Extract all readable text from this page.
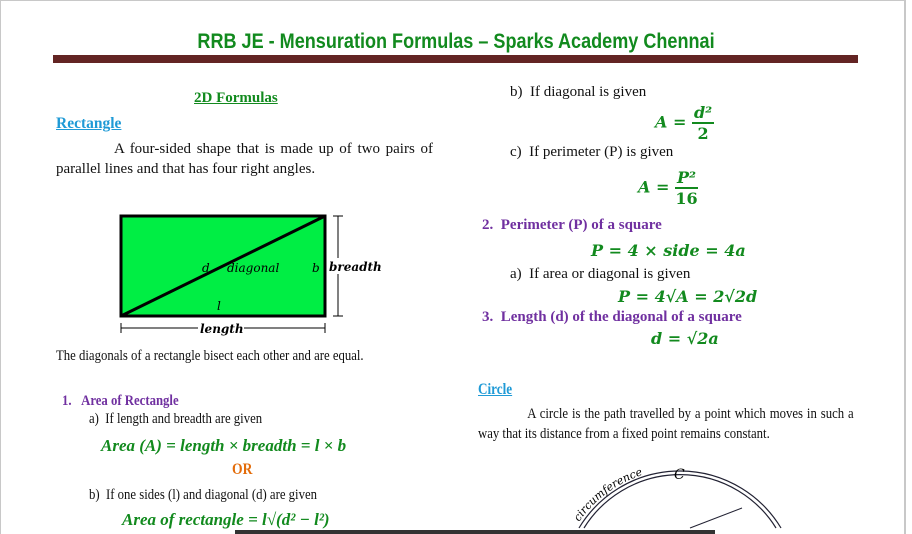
RRB JE - Mensuration Formulas – Sparks Academy Chennai
2D Formulas
Rectangle
A four-sided shape that is made up of two pairs of parallel lines and that has four right angles.
d diagonal	b breadth
l
length
The diagonals of a rectangle bisect each other and are equal.
1. Area of Rectangle
a) If length and breadth are given
Area (A) = length × breadth = l × b
OR
b) If one sides (l) and diagonal (d) are given
Area of rectangle = l√(d² − l²)
b) If diagonal is given
$A = \frac{\text{d²}}{2}$
c) If perimeter (P) is given
$A = \frac{\text{P²}}{16}$
2. Perimeter (P) of a square
P = 4 × side = 4a
a) If area or diagonal is given
P = 4√A = 2√2d
3. Length (d) of the diagonal of a square
d = √2a
Circle
A circle is the path travelled by a point which moves in such a way that its distance from a fixed point remains constant.
circumference C
